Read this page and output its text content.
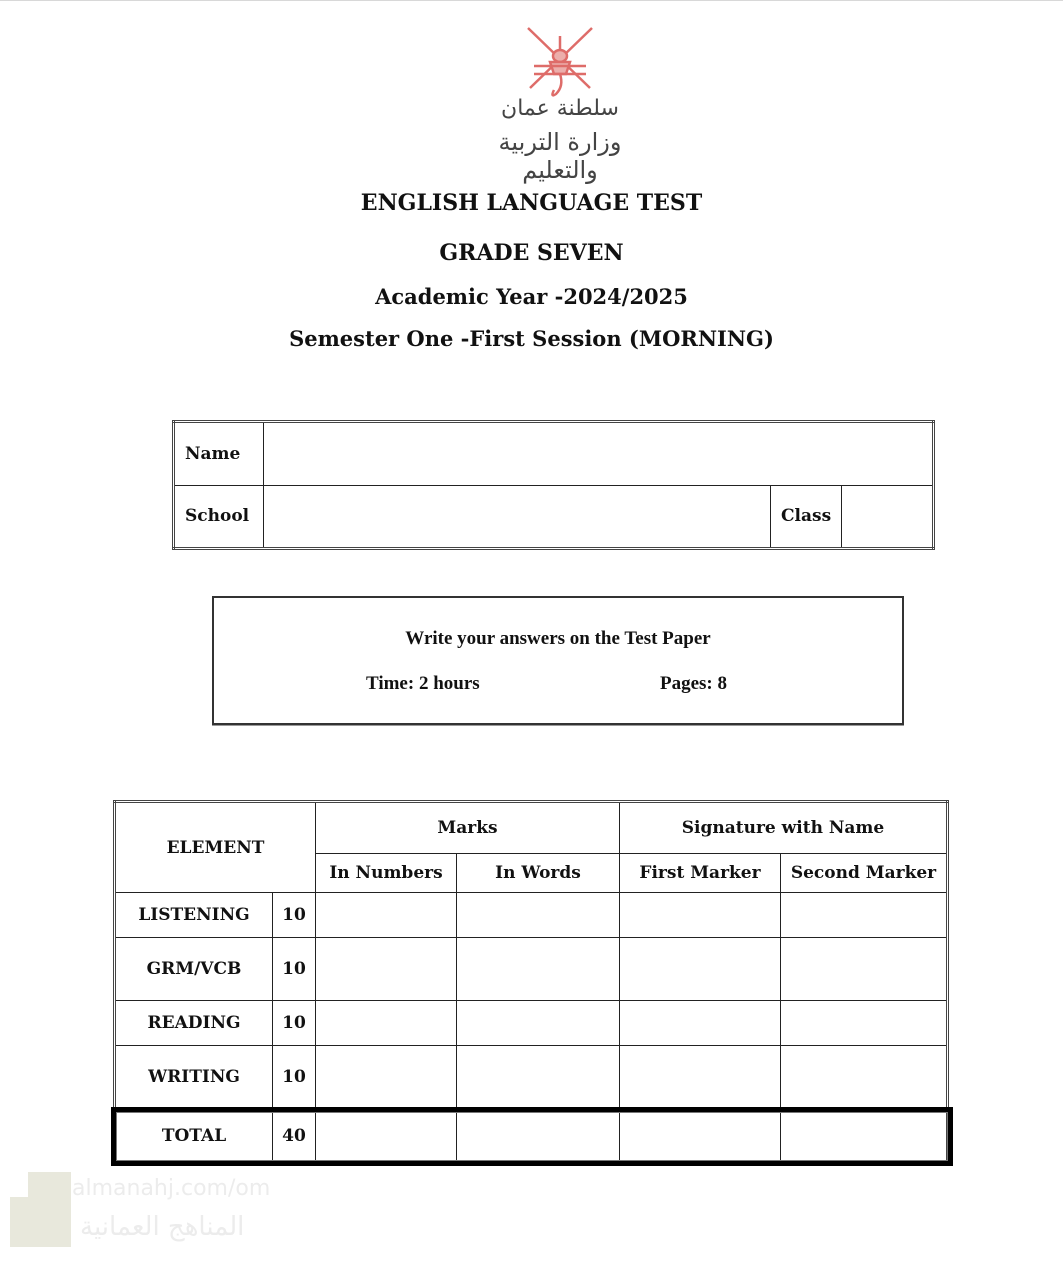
سلطنة عمان
وزارة التربية والتعليم
ENGLISH LANGUAGE TEST
GRADE SEVEN
Academic Year -2024/2025
Semester One -First Session (MORNING)
Name			
School		Class	
Write your answers on the Test Paper
Time: 2 hours	Pages: 8
ELEMENT		Marks		Signature with Name	
		In Numbers	In Words	First Marker	Second Marker
LISTENING	10				
GRM/VCB	10				
READING	10				
WRITING	10				
TOTAL	40				
almanahj.com/om
المناهج العمانية
